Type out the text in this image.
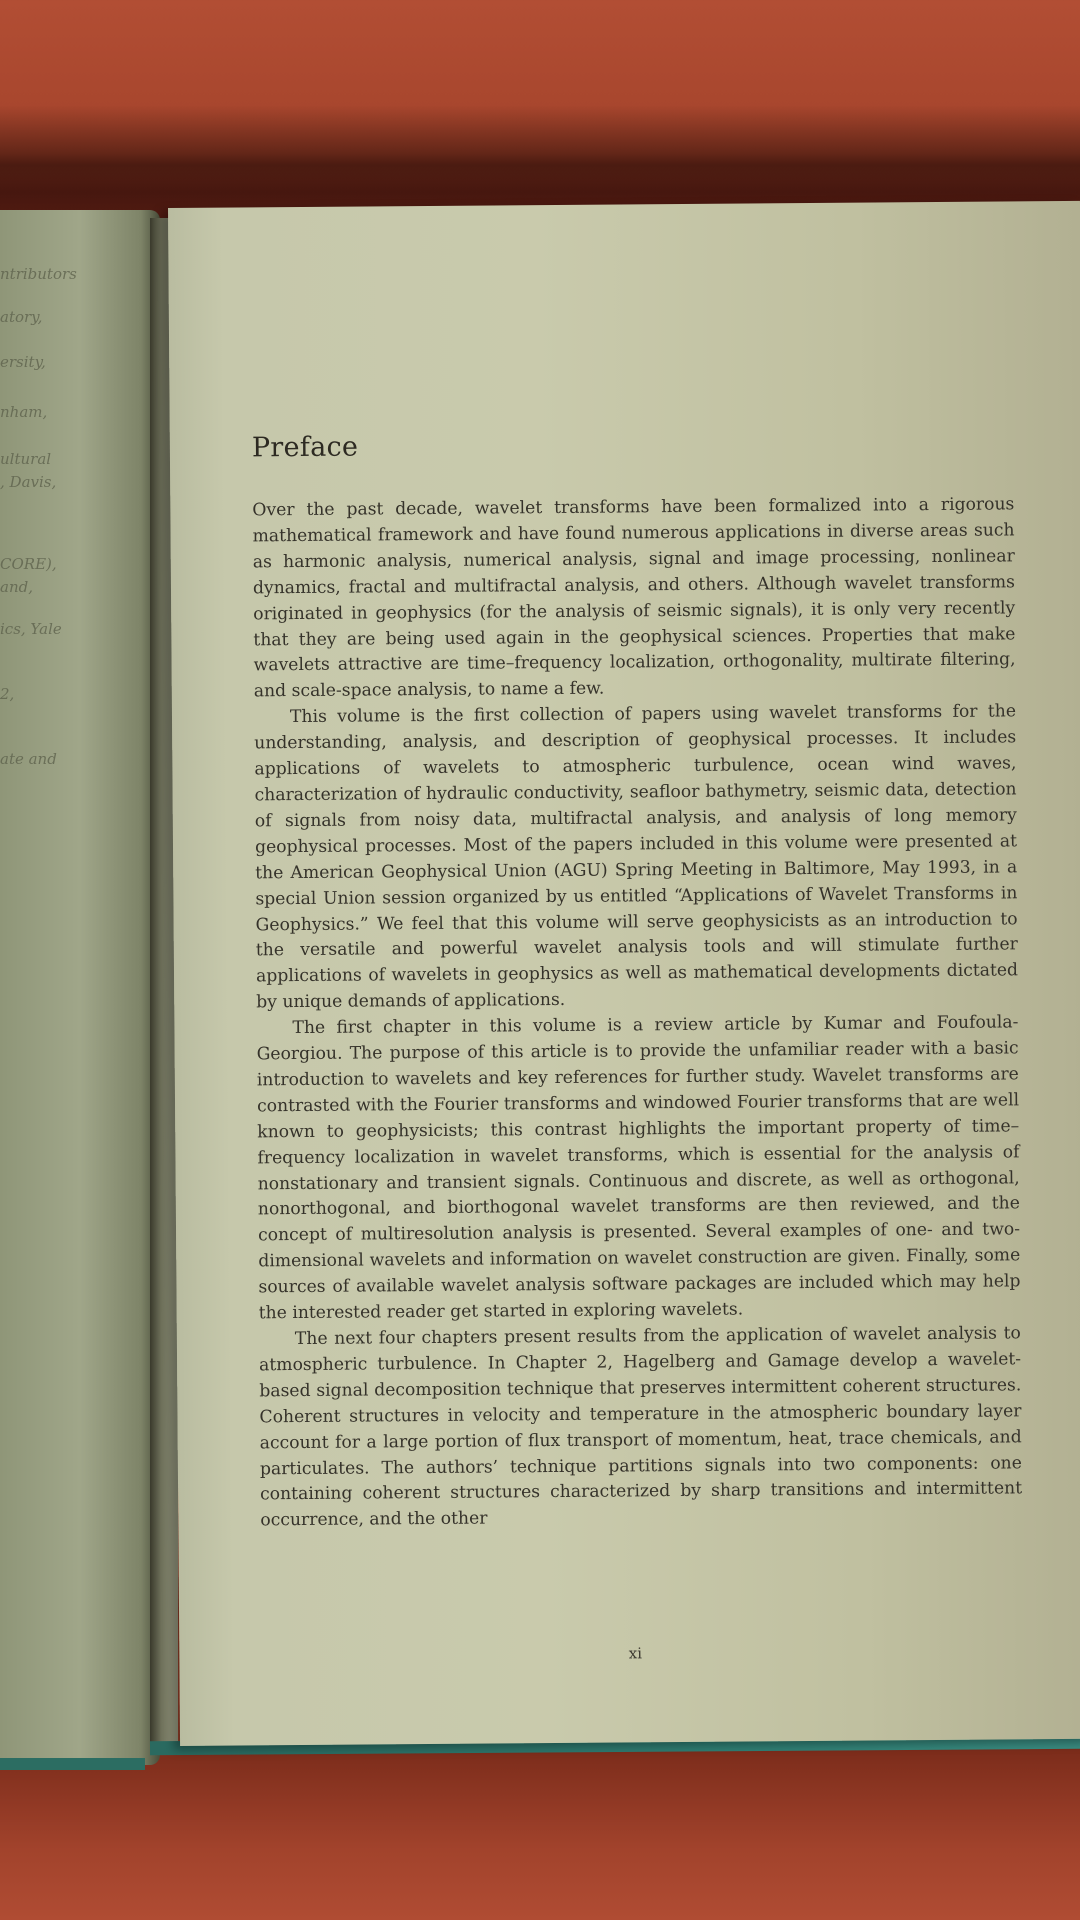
ntributors
atory,
ersity,
nham,
CORE),
and,
ultural
, Davis,
ics, Yale
2,
ate and
Preface

Over the past decade, wavelet transforms have been formalized into a rigorous mathematical framework and have found numerous applications in diverse areas such as harmonic analysis, numerical analysis, signal and image processing, nonlinear dynamics, fractal and multifractal analysis, and others. Although wavelet transforms originated in geophysics (for the analysis of seismic signals), it is only very recently that they are being used again in the geophysical sciences. Properties that make wavelets attractive are time–frequency localization, orthogonality, multirate filtering, and scale-space analysis, to name a few.

This volume is the first collection of papers using wavelet transforms for the understanding, analysis, and description of geophysical processes. It includes applications of wavelets to atmospheric turbulence, ocean wind waves, characterization of hydraulic conductivity, seafloor bathymetry, seismic data, detection of signals from noisy data, multifractal analysis, and analysis of long memory geophysical processes. Most of the papers included in this volume were presented at the American Geophysical Union (AGU) Spring Meeting in Baltimore, May 1993, in a special Union session organized by us entitled “Applications of Wavelet Transforms in Geophysics.” We feel that this volume will serve geophysicists as an introduction to the versatile and powerful wavelet analysis tools and will stimulate further applications of wavelets in geophysics as well as mathematical developments dictated by unique demands of applications.

The first chapter in this volume is a review article by Kumar and Foufoula-Georgiou. The purpose of this article is to provide the unfamiliar reader with a basic introduction to wavelets and key references for further study. Wavelet transforms are contrasted with the Fourier transforms and windowed Fourier transforms that are well known to geophysicists; this contrast highlights the important property of time–frequency localization in wavelet transforms, which is essential for the analysis of nonstationary and transient signals. Continuous and discrete, as well as orthogonal, nonorthogonal, and biorthogonal wavelet transforms are then reviewed, and the concept of multiresolution analysis is presented. Several examples of one- and two-dimensional wavelets and information on wavelet construction are given. Finally, some sources of available wavelet analysis software packages are included which may help the interested reader get started in exploring wavelets.

The next four chapters present results from the application of wavelet analysis to atmospheric turbulence. In Chapter 2, Hagelberg and Gamage develop a wavelet-based signal decomposition technique that preserves intermittent coherent structures. Coherent structures in velocity and temperature in the atmospheric boundary layer account for a large portion of flux transport of momentum, heat, trace chemicals, and particulates. The authors’ technique partitions signals into two components: one containing coherent structures characterized by sharp transitions and intermittent occurrence, and the other

xi
